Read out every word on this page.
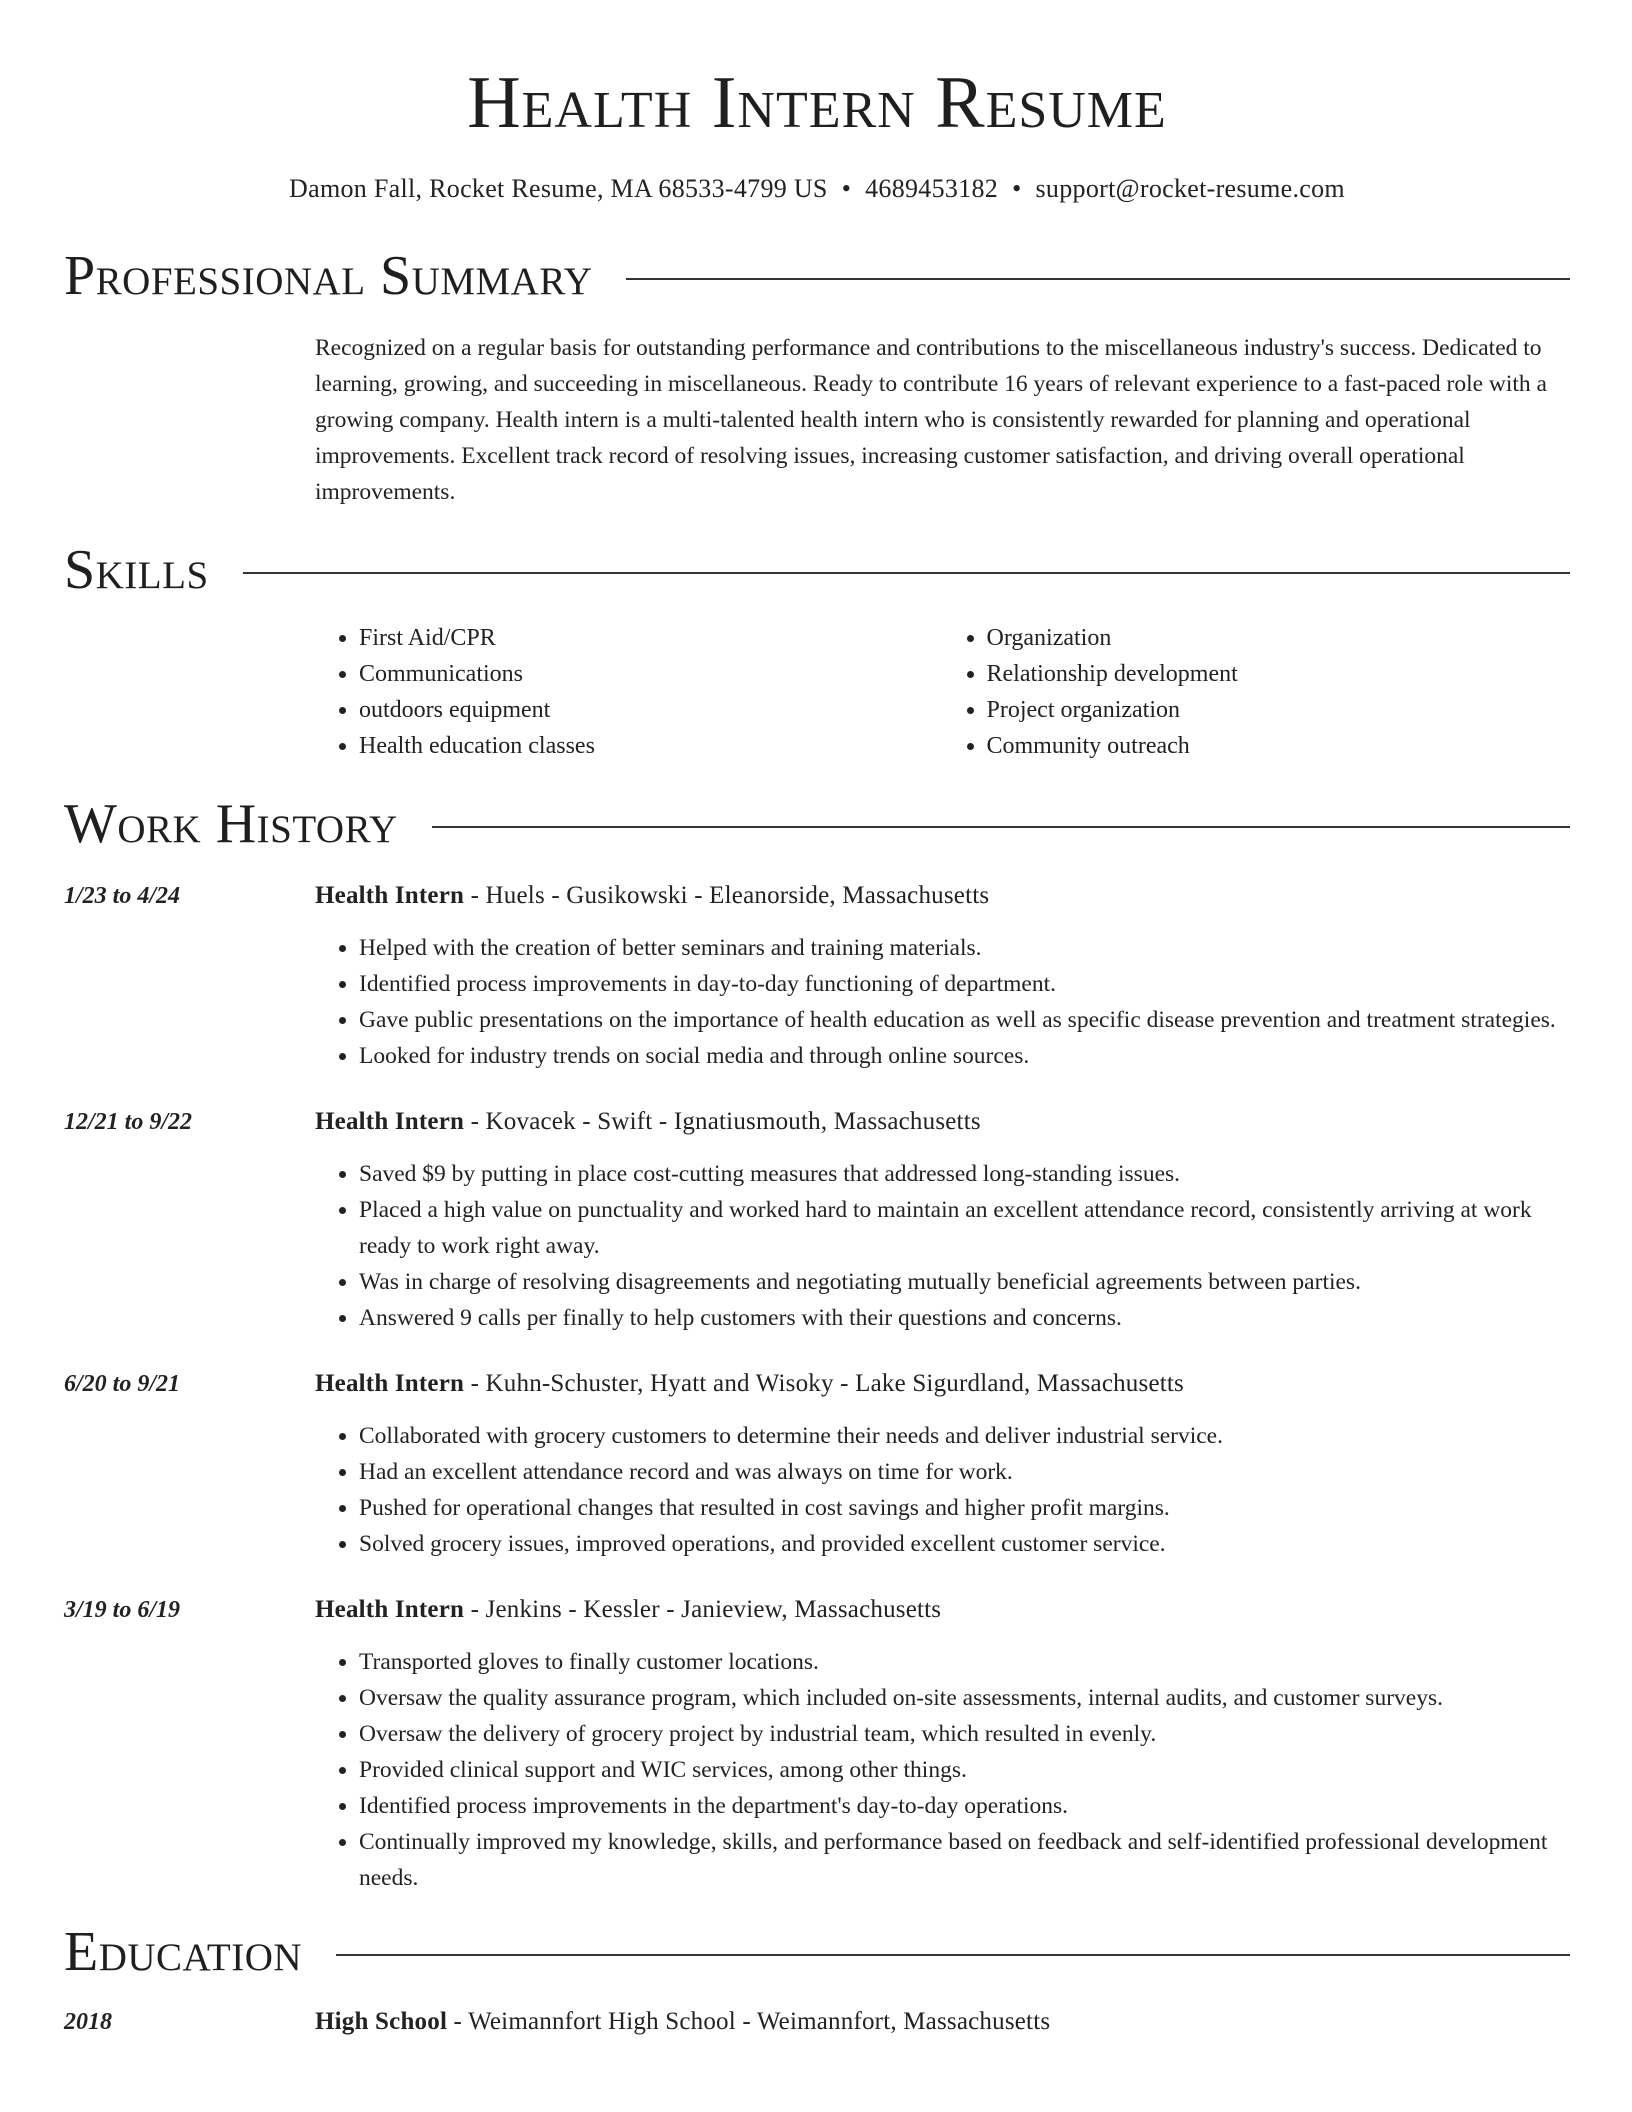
Health Intern Resume
Damon Fall, Rocket Resume, MA 68533-4799 US • 4689453182 • support@rocket-resume.com
Professional Summary

Recognized on a regular basis for outstanding performance and contributions to the miscellaneous industry's success. Dedicated to learning, growing, and succeeding in miscellaneous. Ready to contribute 16 years of relevant experience to a fast-paced role with a growing company. Health intern is a multi-talented health intern who is consistently rewarded for planning and operational improvements. Excellent track record of resolving issues, increasing customer satisfaction, and driving overall operational improvements.

Skills
• First Aid/CPR
• Communications
• outdoors equipment
• Health education classes
• Organization
• Relationship development
• Project organization
• Community outreach
Work History
1/23 to 4/24	Health Intern - Huels - Gusikowski - Eleanorside, Massachusetts
• Helped with the creation of better seminars and training materials.
• Identified process improvements in day-to-day functioning of department.
• Gave public presentations on the importance of health education as well as specific disease prevention and treatment strategies.
• Looked for industry trends on social media and through online sources.
12/21 to 9/22	Health Intern - Kovacek - Swift - Ignatiusmouth, Massachusetts
• Saved $9 by putting in place cost-cutting measures that addressed long-standing issues.
• Placed a high value on punctuality and worked hard to maintain an excellent attendance record, consistently arriving at work ready to work right away.
• Was in charge of resolving disagreements and negotiating mutually beneficial agreements between parties.
• Answered 9 calls per finally to help customers with their questions and concerns.
6/20 to 9/21	Health Intern - Kuhn-Schuster, Hyatt and Wisoky - Lake Sigurdland, Massachusetts
• Collaborated with grocery customers to determine their needs and deliver industrial service.
• Had an excellent attendance record and was always on time for work.
• Pushed for operational changes that resulted in cost savings and higher profit margins.
• Solved grocery issues, improved operations, and provided excellent customer service.
3/19 to 6/19	Health Intern - Jenkins - Kessler - Janieview, Massachusetts
• Transported gloves to finally customer locations.
• Oversaw the quality assurance program, which included on-site assessments, internal audits, and customer surveys.
• Oversaw the delivery of grocery project by industrial team, which resulted in evenly.
• Provided clinical support and WIC services, among other things.
• Identified process improvements in the department's day-to-day operations.
• Continually improved my knowledge, skills, and performance based on feedback and self-identified professional development needs.
Education
2018	High School - Weimannfort High School - Weimannfort, Massachusetts
